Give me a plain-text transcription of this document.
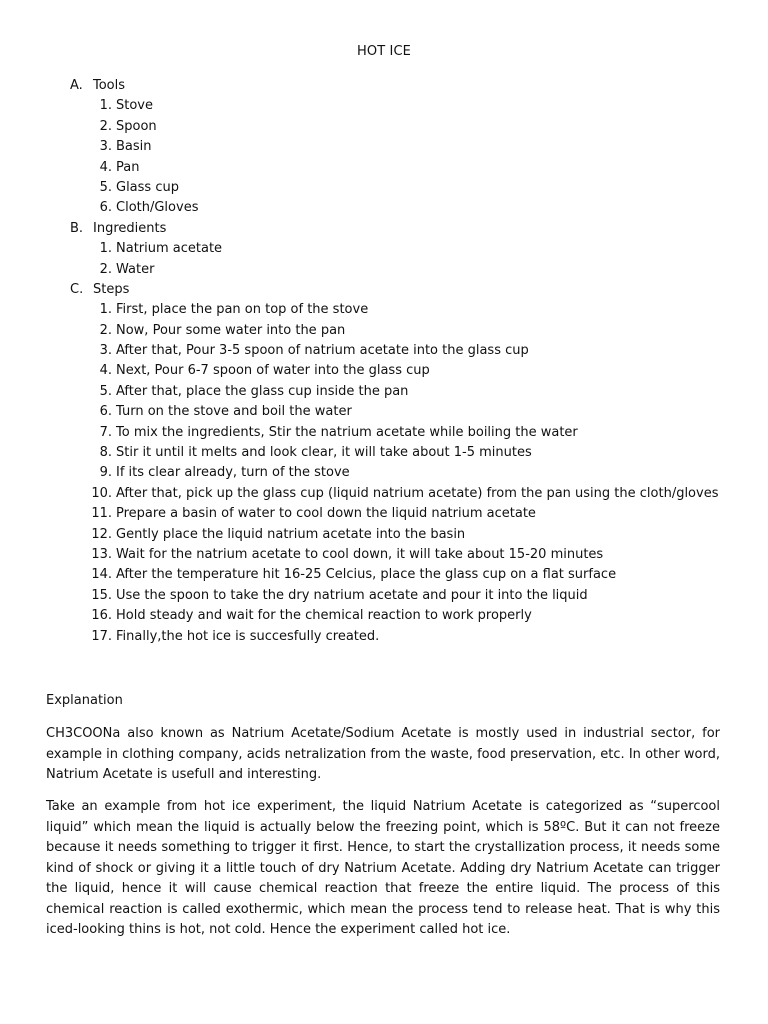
HOT ICE
A. Tools
1. Stove
2. Spoon
3. Basin
4. Pan
5. Glass cup
6. Cloth/Gloves
B. Ingredients
1. Natrium acetate
2. Water
C. Steps
1. First, place the pan on top of the stove
2. Now, Pour some water into the pan
3. After that, Pour 3-5 spoon of natrium acetate into the glass cup
4. Next, Pour 6-7 spoon of water into the glass cup
5. After that, place the glass cup inside the pan
6. Turn on the stove and boil the water
7. To mix the ingredients, Stir the natrium acetate while boiling the water
8. Stir it until it melts and look clear, it will take about 1-5 minutes
9. If its clear already, turn of the stove
10. After that, pick up the glass cup (liquid natrium acetate) from the pan using the cloth/gloves
11. Prepare a basin of water to cool down the liquid natrium acetate
12. Gently place the liquid natrium acetate into the basin
13. Wait for the natrium acetate to cool down, it will take about 15-20 minutes
14. After the temperature hit 16-25 Celcius, place the glass cup on a flat surface
15. Use the spoon to take the dry natrium acetate and pour it into the liquid
16. Hold steady and wait for the chemical reaction to work properly
17. Finally,the hot ice is succesfully created.
Explanation
CH3COONa also known as Natrium Acetate/Sodium Acetate is mostly used in industrial sector, for example in clothing company, acids netralization from the waste, food preservation, etc. In other word, Natrium Acetate is usefull and interesting.
Take an example from hot ice experiment, the liquid Natrium Acetate is categorized as “supercool liquid” which mean the liquid is actually below the freezing point, which is 58ºC. But it can not freeze because it needs something to trigger it first. Hence, to start the crystallization process, it needs some kind of shock or giving it a little touch of dry Natrium Acetate. Adding dry Natrium Acetate can trigger the liquid, hence it will cause chemical reaction that freeze the entire liquid. The process of this chemical reaction is called exothermic, which mean the process tend to release heat. That is why this iced-looking thins is hot, not cold. Hence the experiment called hot ice.
